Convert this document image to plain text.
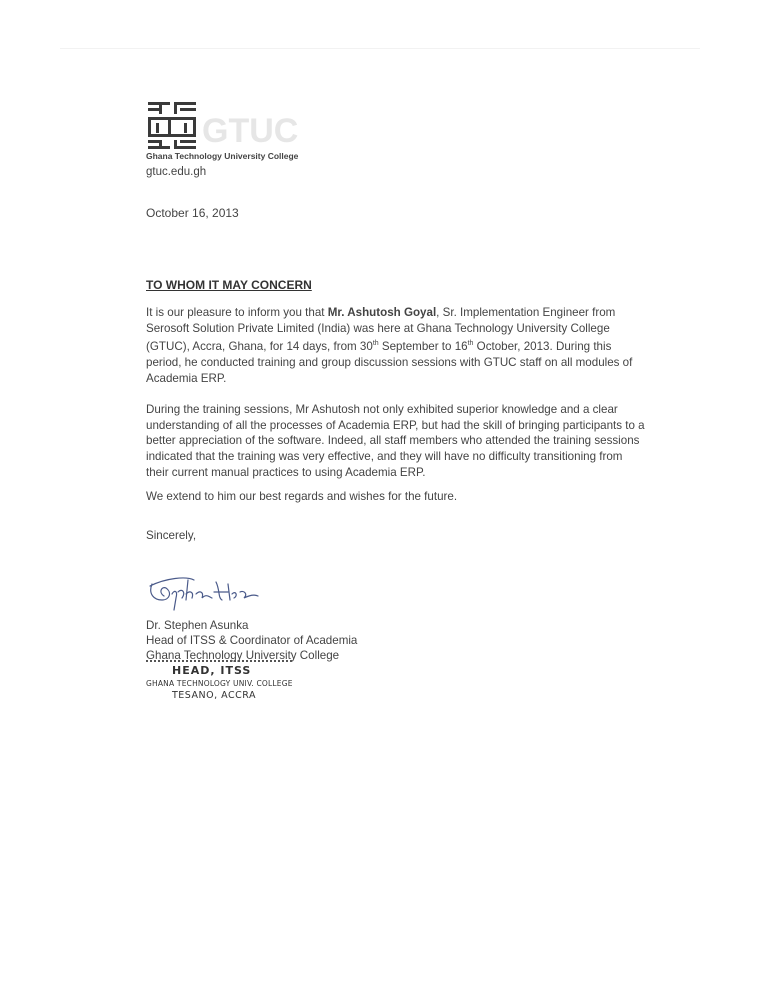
GTUC
Ghana Technology University College
gtuc.edu.gh
October 16, 2013
TO WHOM IT MAY CONCERN
It is our pleasure to inform you that Mr. Ashutosh Goyal, Sr. Implementation Engineer from Serosoft Solution Private Limited (India) was here at Ghana Technology University College (GTUC), Accra, Ghana, for 14 days, from 30th September to 16th October, 2013. During this period, he conducted training and group discussion sessions with GTUC staff on all modules of Academia ERP.
During the training sessions, Mr Ashutosh not only exhibited superior knowledge and a clear understanding of all the processes of Academia ERP, but had the skill of bringing participants to a better appreciation of the software. Indeed, all staff members who attended the training sessions indicated that the training was very effective, and they will have no difficulty transitioning from their current manual practices to using Academia ERP.
We extend to him our best regards and wishes for the future.
Sincerely,
Dr. Stephen Asunka
Head of ITSS & Coordinator of Academia
Ghana Technology University College
HEAD, ITSS
GHANA TECHNOLOGY UNIV. COLLEGE
TESANO, ACCRA
